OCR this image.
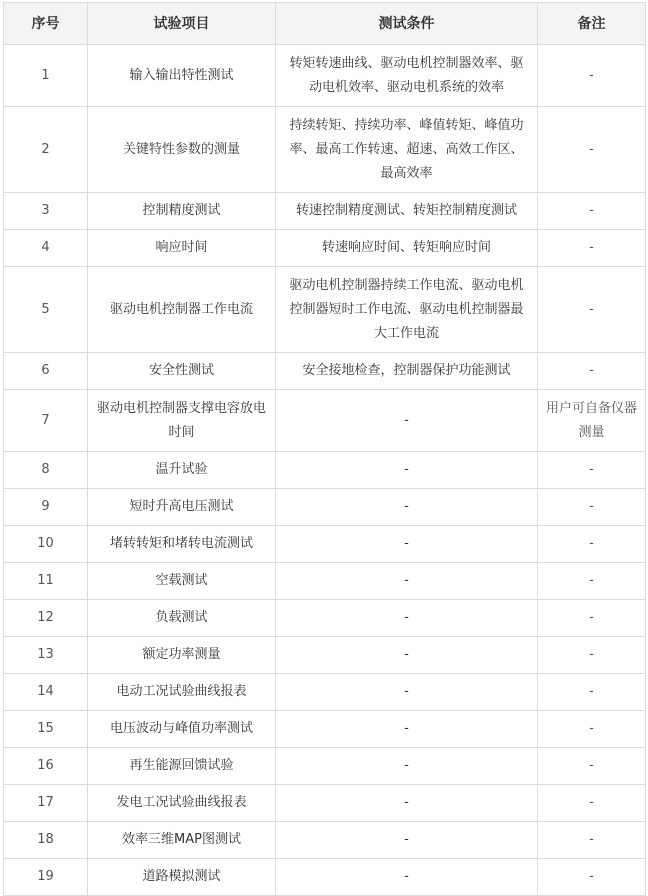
序号	试验项目	测试条件	备注
1	输入输出特性测试	转矩转速曲线、驱动电机控制器效率、驱动电机效率、驱动电机系统的效率	-
2	关键特性参数的测量	持续转矩、持续功率、峰值转矩、峰值功率、最高工作转速、超速、高效工作区、最高效率	-
3	控制精度测试	转速控制精度测试、转矩控制精度测试	-
4	响应时间	转速响应时间、转矩响应时间	-
5	驱动电机控制器工作电流	驱动电机控制器持续工作电流、驱动电机控制器短时工作电流、驱动电机控制器最大工作电流	-
6	安全性测试	安全接地检查，控制器保护功能测试	-
7	驱动电机控制器支撑电容放电时间	-	用户可自备仪器测量
8	温升试验	-	-
9	短时升高电压测试	-	-
10	堵转转矩和堵转电流测试	-	-
11	空载测试	-	-
12	负载测试	-	-
13	额定功率测量	-	-
14	电动工况试验曲线报表	-	-
15	电压波动与峰值功率测试	-	-
16	再生能源回馈试验	-	-
17	发电工况试验曲线报表	-	-
18	效率三维MAP图测试	-	-
19	道路模拟测试	-	-
